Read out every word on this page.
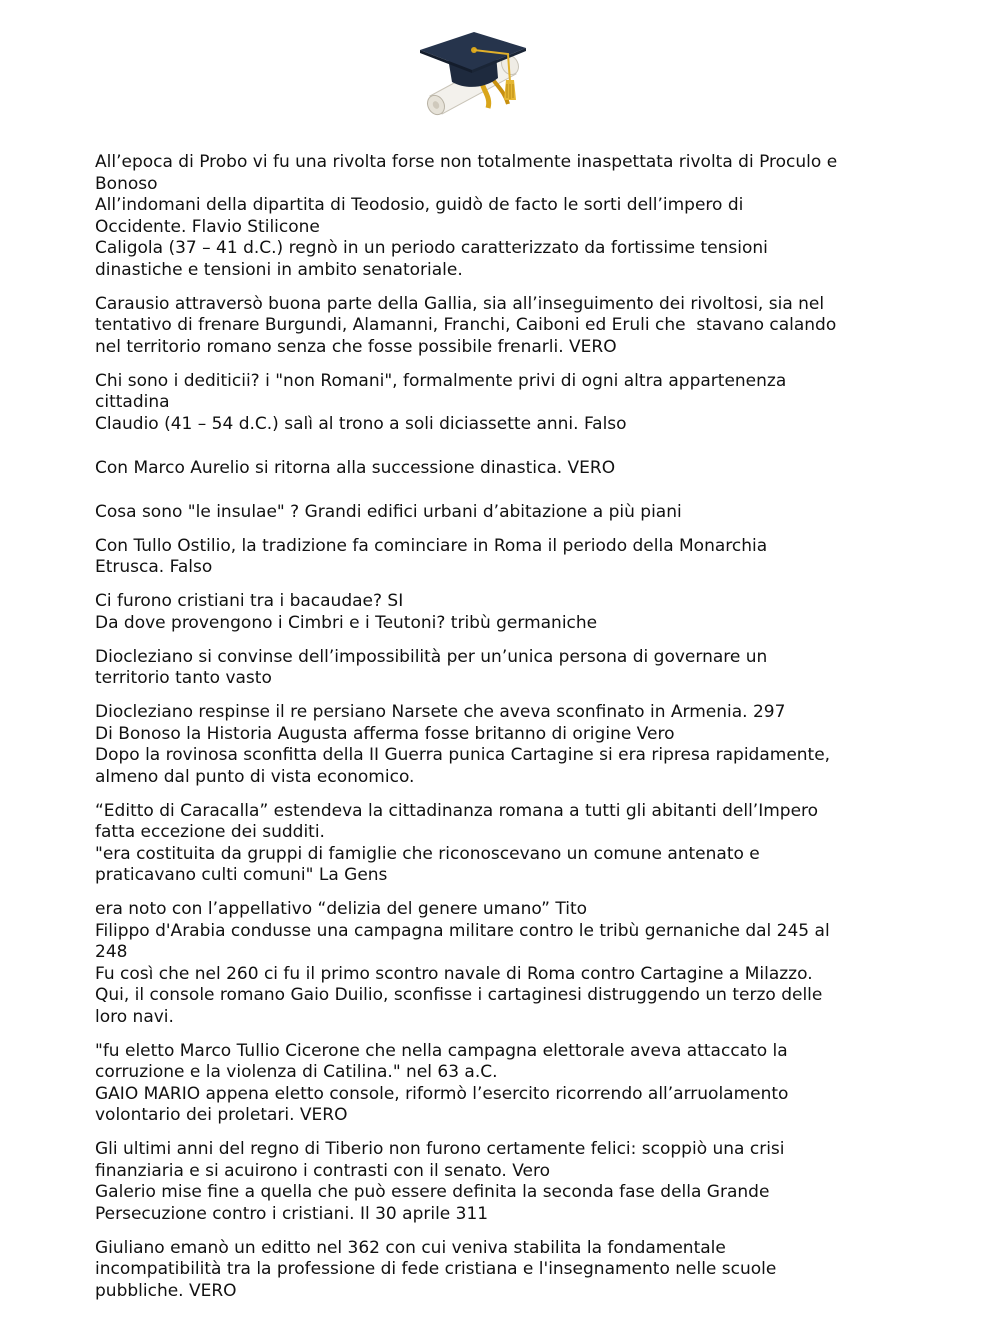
All’epoca di Probo vi fu una rivolta forse non totalmente inaspettata rivolta di Proculo e
Bonoso
All’indomani della dipartita di Teodosio, guidò de facto le sorti dell’impero di
Occidente. Flavio Stilicone
Caligola (37 – 41 d.C.) regnò in un periodo caratterizzato da fortissime tensioni
dinastiche e tensioni in ambito senatoriale.
Carausio attraversò buona parte della Gallia, sia all’inseguimento dei rivoltosi, sia nel
tentativo di frenare Burgundi, Alamanni, Franchi, Caiboni ed Eruli che  stavano calando
nel territorio romano senza che fosse possibile frenarli. VERO
Chi sono i dediticii? i "non Romani", formalmente privi di ogni altra appartenenza
cittadina
Claudio (41 – 54 d.C.) salì al trono a soli diciassette anni. Falso
Con Marco Aurelio si ritorna alla successione dinastica. VERO
Cosa sono "le insulae" ? Grandi edifici urbani d’abitazione a più piani
Con Tullo Ostilio, la tradizione fa cominciare in Roma il periodo della Monarchia
Etrusca. Falso
Ci furono cristiani tra i bacaudae? SI
Da dove provengono i Cimbri e i Teutoni? tribù germaniche
Diocleziano si convinse dell’impossibilità per un’unica persona di governare un
territorio tanto vasto
Diocleziano respinse il re persiano Narsete che aveva sconfinato in Armenia. 297
Di Bonoso la Historia Augusta afferma fosse britanno di origine Vero
Dopo la rovinosa sconfitta della II Guerra punica Cartagine si era ripresa rapidamente,
almeno dal punto di vista economico.
“Editto di Caracalla” estendeva la cittadinanza romana a tutti gli abitanti dell’Impero
fatta eccezione dei sudditi.
"era costituita da gruppi di famiglie che riconoscevano un comune antenato e
praticavano culti comuni" La Gens
era noto con l’appellativo “delizia del genere umano” Tito
Filippo d'Arabia condusse una campagna militare contro le tribù gernaniche dal 245 al
248
Fu così che nel 260 ci fu il primo scontro navale di Roma contro Cartagine a Milazzo.
Qui, il console romano Gaio Duilio, sconfisse i cartaginesi distruggendo un terzo delle
loro navi.
"fu eletto Marco Tullio Cicerone che nella campagna elettorale aveva attaccato la
corruzione e la violenza di Catilina." nel 63 a.C.
GAIO MARIO appena eletto console, riformò l’esercito ricorrendo all’arruolamento
volontario dei proletari. VERO
Gli ultimi anni del regno di Tiberio non furono certamente felici: scoppiò una crisi
finanziaria e si acuirono i contrasti con il senato. Vero
Galerio mise fine a quella che può essere definita la seconda fase della Grande
Persecuzione contro i cristiani. Il 30 aprile 311
Giuliano emanò un editto nel 362 con cui veniva stabilita la fondamentale
incompatibilità tra la professione di fede cristiana e l'insegnamento nelle scuole
pubbliche. VERO
